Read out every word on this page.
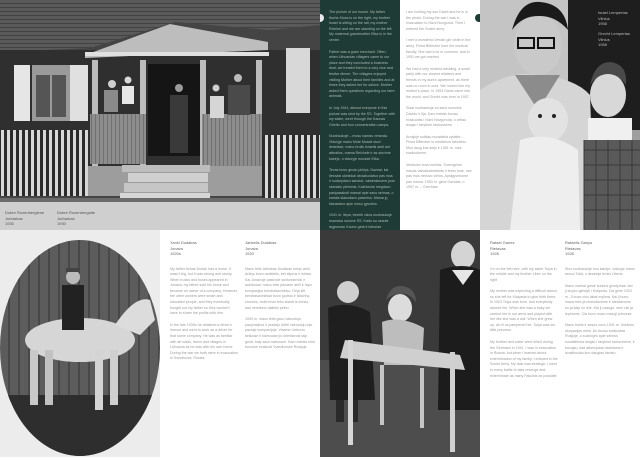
Dobre Rozenbergiene
Jurbarkas
1930
Dobre Rozenbergaite
Jurbarkas
1930

The picture of our house. My father Itsche Kloss is on the right, my brother Israel is sitting on the rail, my mother Reichel and me are standing on the left. My maternal grandmother Etka is in the centre.

Father was a grain merchant. Often, when Lithuanian villagers came to our place and they concluded a business deal, we treated them to a very nice and festive dinner. The villagers enjoyed visiting Mother about their families and at times they asked her for advice. Mother asked them questions regarding our farm animals.

In July 1941, almost everyone in this picture was shot by the SS. Together with my sister, went through the Kaunas Ghetto and four concentration camps.

Nuotraukoje – musu namas veranda. Viduryje mano Mote Mosiai stovi dedeiske, mano brolis Israelis sedi ant atbrailos, mama Reichele ir as stovime kaireje, o viduryje mociute Etka.

Tevas buvo grudu pirklys. Daznai, kai lietuviai ukininkai atvaziuodavo pas mus ir sudarydavo sandori, vaisindavome juos skaniais pietumis. Kaimieciai megdavo pasipasakoti mamai apie savo seimas, o kartais klausdavo patarimo. Mama jų klausdavo apie musu gyvulius.

1941 m. liepa, beveik visus nuotraukoje esancius nusove SS. Kartu su sesute isgyvenau Kauno geta ir keturias

I am holding my son David and he is in the photo. During the war I was in evacuation to Nizni Novgorod. Then I entered the Soviet army.

I met a wonderful Jewish girl while in the army, Firma Bittmeier from the medical faculty. She had a lot in common, and in 1951 we got married.

We had a very modest wedding, a small party with our closest relatives and friends in my aunt's apartment, as there was no room in ours. We moved into my mother's place. In 1953 David came into the world, and Grecht was born in 1957.

Siaai nuotraukoje su savo sunumis Davidu ir Ilja. Karo metais buvau evakuotas i Nizni Novgoroda, o veliau istojau i tarybine kariuomene.

Armijoje sutikau nuostabia zydaite – Firma Bittmeier is medicinos fakulteto. Mus daug kas siejo ir 1951 m. mes susituokeme.

Vestuves buvo kuklios. Surengeme mazas vaisaisvientanas ir tetos bute, nes pas mus nebuvo vietos. Apsigyvenome pas mama. 1953 m. gime Davidas, o 1957 m. – Grechtas.

Israel Lempertas
Vilnius
1958
Grecht Lempertas
Vilnius
1958
Yankl Dudakas
Jonava
1920s

My father Itzhak Dudak had a horse. It wasn't big, but it was strong and sturdy. When trucks and buses appeared in Jonava, my father sold his horse and became an owner of a company. However, the other owners were smart and educated people, and they eventually bought out my father so they wouldn't have to share the profits with him.

In the late 1930s he obtained a driver's licence and went to work as a driver for that same company. He was as familiar with all roads, farms and villages in Lithuania as he was with his own home. During the war we both were in evacuation in Sverdlovsk, Russia.

Jankelis Dudakas
Jonava
1920

Mano tetis Ickhakas Dudakas turejo arkli. Arklys buvo nedidelis, bet stiprus ir tvirtas. Kai Jonavoje pasirode sunkvezimiai ir autobusai, mano tetis pardave arkli ir tapo kompanijos bendrasavininku. Deja kiti bendrasavininkai buvo gudrus ir isilavinę zmones, todel tevui teko isstoti is verslo, kad nereiketu dalintis pelnu.

1930 m. mano tetis gavo vairuotojo pazymejima ir pradejo dirbti vairuotoju toje pacioje kompanijoje. Visame Lietuvos keliuose ir kaimuose jis orientavosi taip gerai, kaip savo namuose. Karo metais mes buvome evakuoti Sverdlovske Rusijoje.

Rafael Ganes
Rietavas
1928

I'm on the left here, with my sister Tolya in the middle and my brother Liber on the right.

My mother was expecting a difficult labour, so she left for Klaipeda to give birth there. In 1923 Tolya was born, and everybody adored her. When she was a baby we carried her in our arms and played with her like she was a doll. When she grew up, all of us pampered her. Tolya was our little princess.

My brother and sister were killed during the Germans in 1941. I was in evacuation in Russia, but when I learned about extermination of my family, I enlisted in the Soviet Army. My task was strategic. I went to every battle to take revenge and exterminate as many Fascists as possible.

Rafaelis Ganys
Rietavas
1928

Siuo nuotraukoje esu kaireje, viduryje mano sesuo Tolia, o desineje brolis Liberis.

Mano mamai gresė sunkus gimdymas, tad ji isvyko gimdyti i Klaipeda. Cia gime 1923 m. Ji buvo visu labai mylima. Kai ji buvo maza mes ja nesiodavome ir zaisdavome su ja kaip su lele. Kai ji uzaugo, mes visi ja lepinome. Cia buvo musu mazoji princese.

Mano brolis ir sesuo zuvo 1941 m. Vokieciu okupacijos metu. As buvau evakuotas Rusijoje, o suzinojes apie seimos sunaikinima istojau i tarybine kariuomene, ir kovojau, kad atkersyciau fasistams ir isnaikinciau kuo daugiau fasistu.
